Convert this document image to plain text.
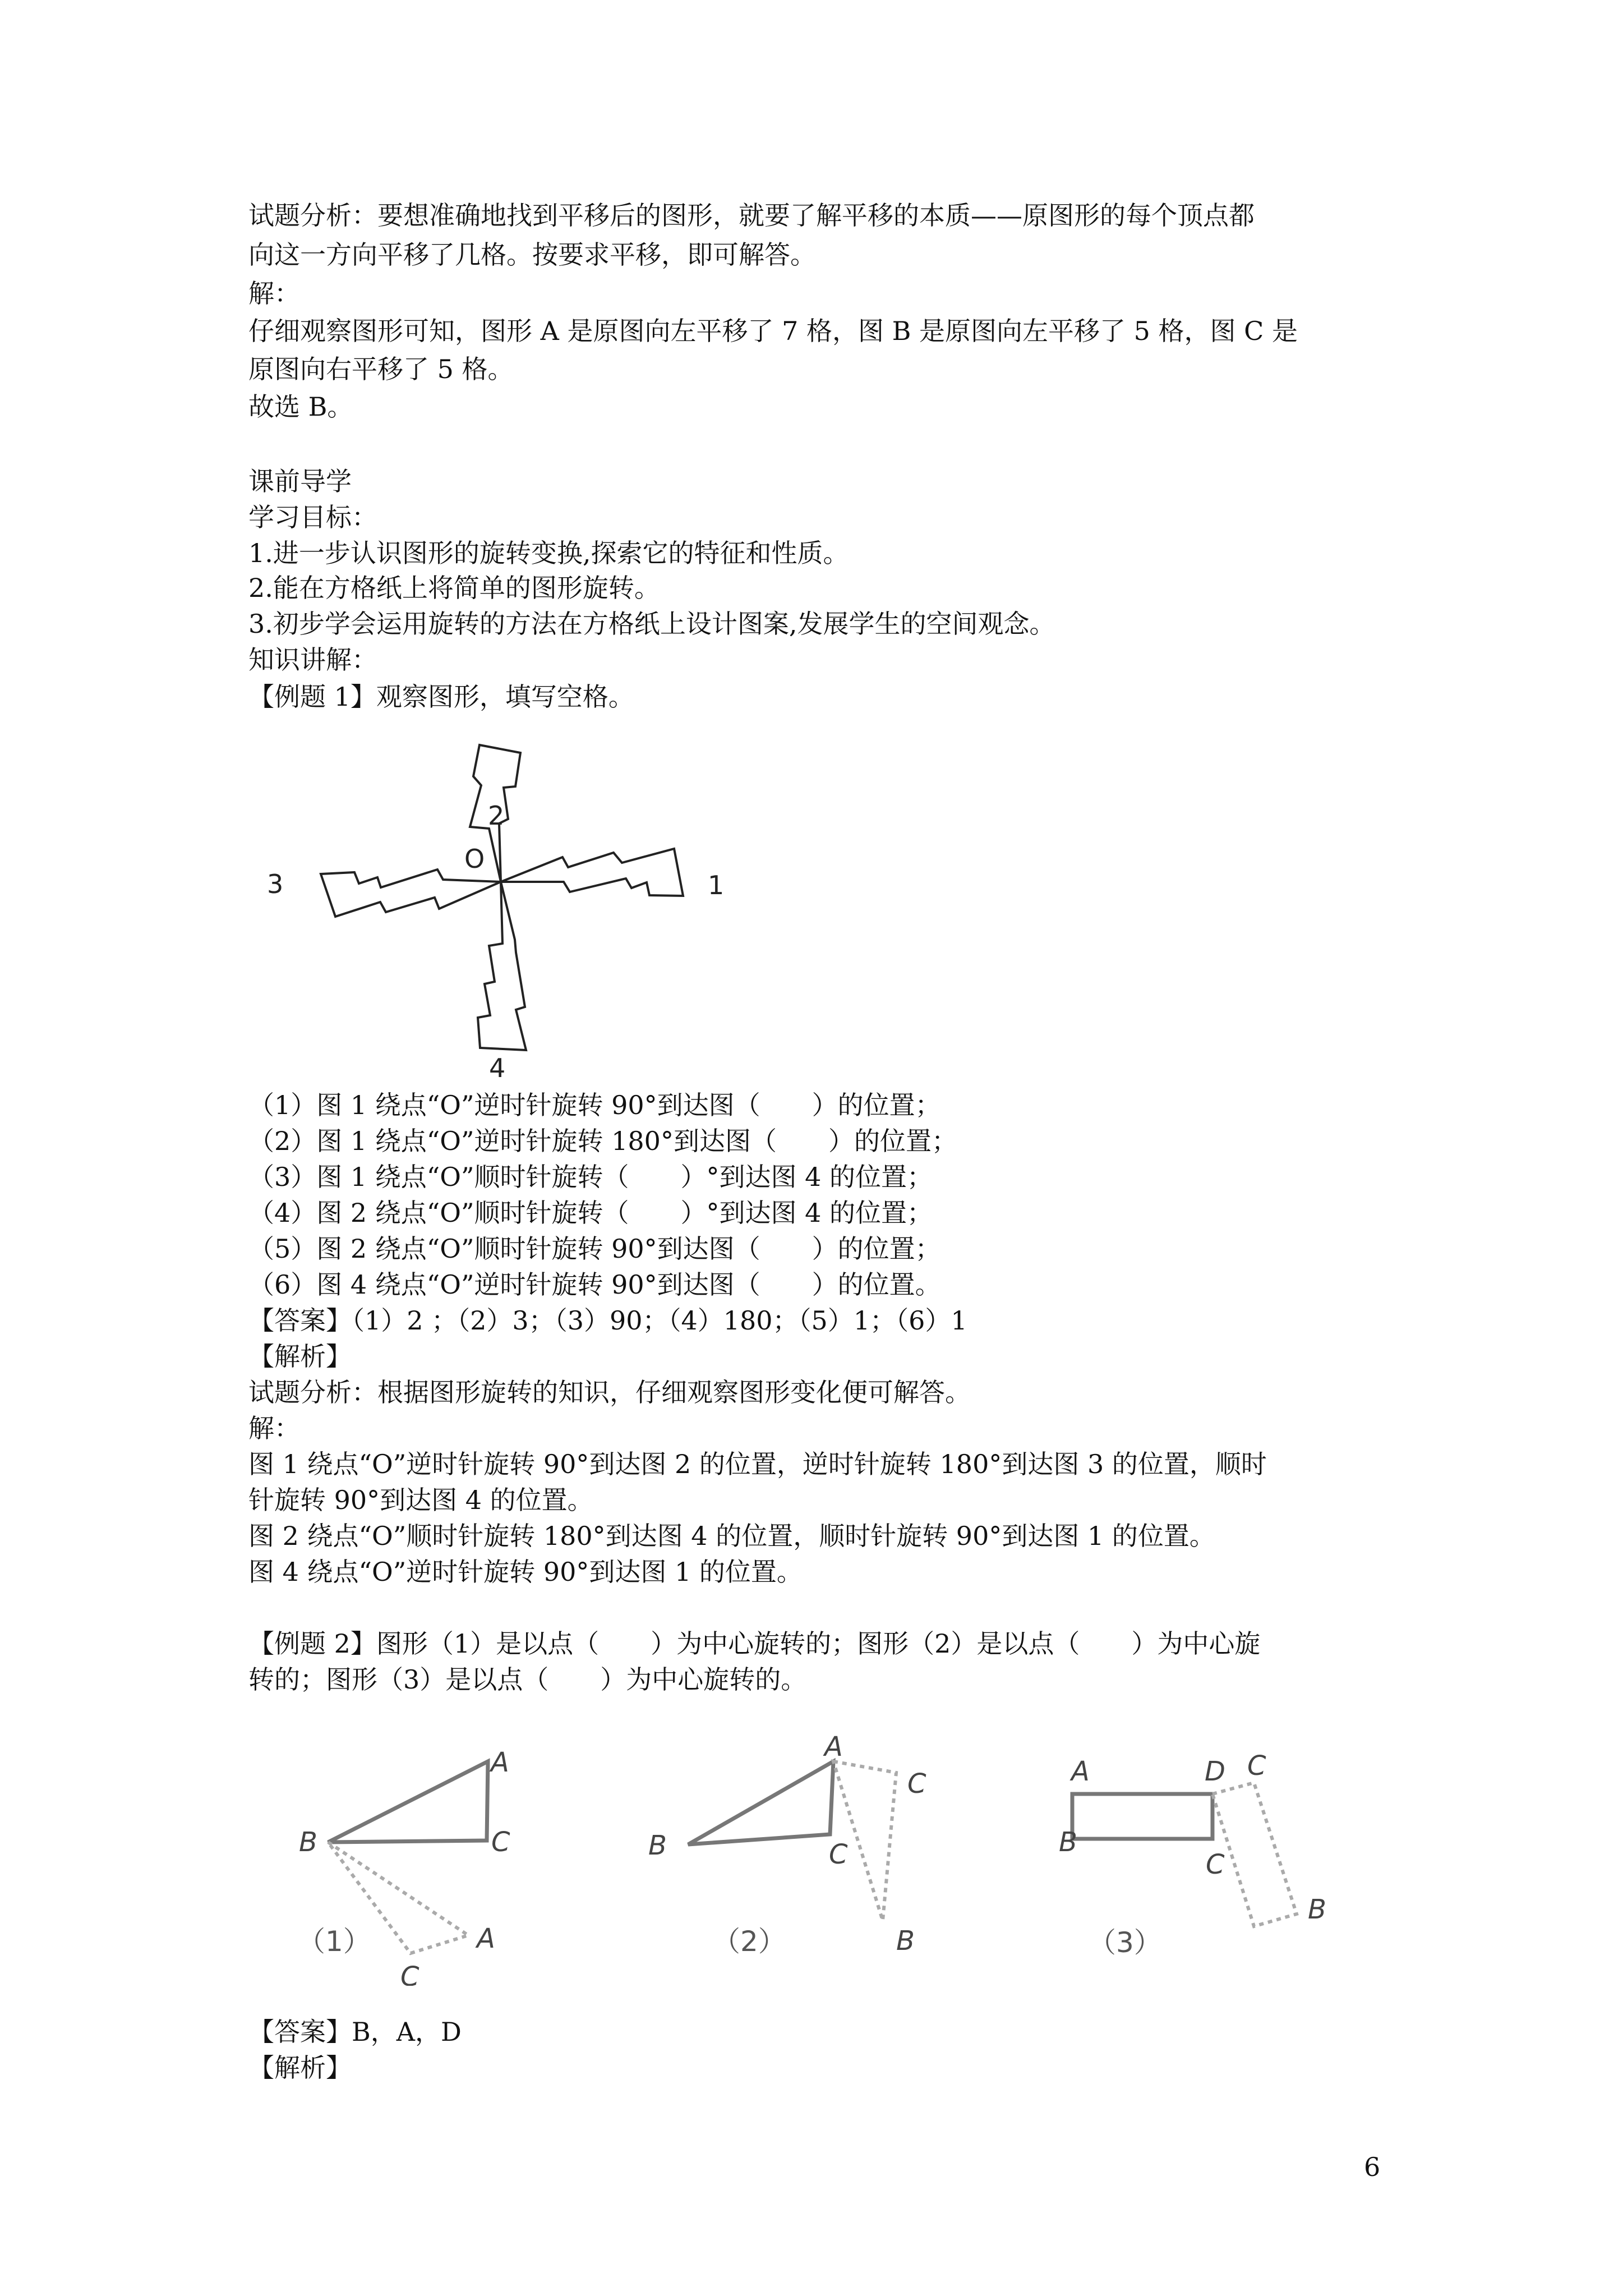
试题分析：要想准确地找到平移后的图形，就要了解平移的本质——原图形的每个顶点都
向这一方向平移了几格。按要求平移，即可解答。
解：
仔细观察图形可知，图形 A 是原图向左平移了 7 格，图 B 是原图向左平移了 5 格，图 C 是
原图向右平移了 5 格。
故选 B。
课前导学
学习目标：
1.进一步认识图形的旋转变换,探索它的特征和性质。
2.能在方格纸上将简单的图形旋转。
3.初步学会运用旋转的方法在方格纸上设计图案,发展学生的空间观念。
知识讲解：
【例题 1】观察图形，填写空格。
O
1
2
3
4
（1）图 1 绕点“O”逆时针旋转 90°到达图（　　）的位置；
（2）图 1 绕点“O”逆时针旋转 180°到达图（　　）的位置；
（3）图 1 绕点“O”顺时针旋转（　　）°到达图 4 的位置；
（4）图 2 绕点“O”顺时针旋转（　　）°到达图 4 的位置；
（5）图 2 绕点“O”顺时针旋转 90°到达图（　　）的位置；
（6）图 4 绕点“O”逆时针旋转 90°到达图（　　）的位置。
【答案】（1）2 ；（2）3；（3）90；（4）180；（5）1；（6）1
【解析】
试题分析：根据图形旋转的知识，仔细观察图形变化便可解答。
解：
图 1 绕点“O”逆时针旋转 90°到达图 2 的位置，逆时针旋转 180°到达图 3 的位置，顺时
针旋转 90°到达图 4 的位置。
图 2 绕点“O”顺时针旋转 180°到达图 4 的位置，顺时针旋转 90°到达图 1 的位置。
图 4 绕点“O”逆时针旋转 90°到达图 1 的位置。
【例题 2】图形（1）是以点（　　）为中心旋转的；图形（2）是以点（　　）为中心旋
转的；图形（3）是以点（　　）为中心旋转的。
A
B	C
A
C
（1）
A
B	C
C
B
（2）
A
B
C
D C
B
（3）
【答案】B，A，D
【解析】
6
